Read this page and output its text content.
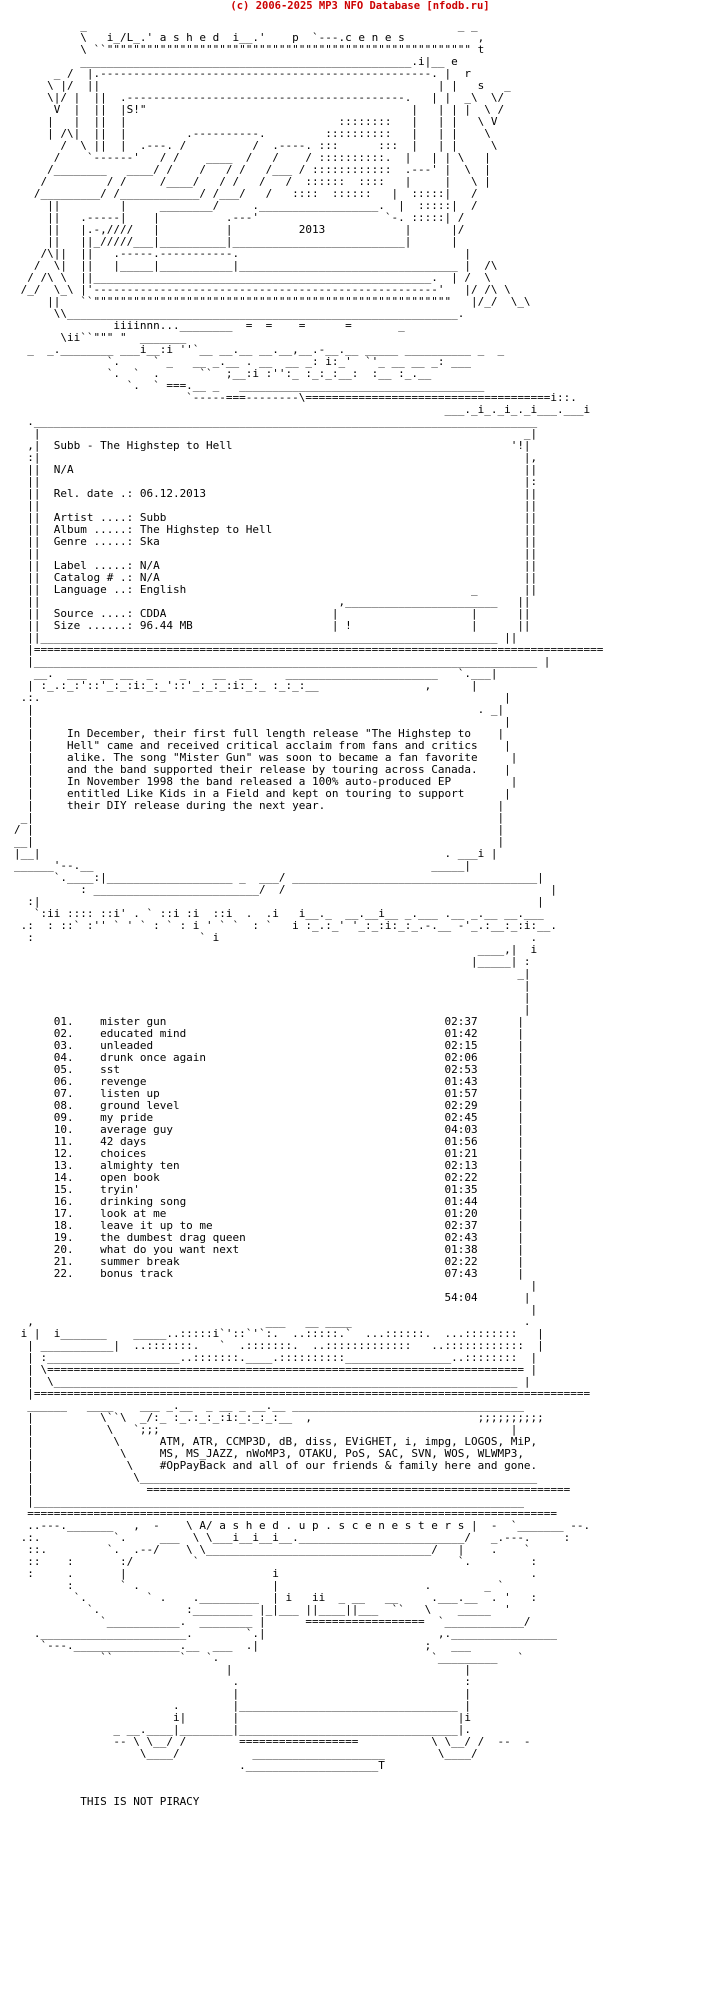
(c) 2006-2025 MP3 NFO Database [nfodb.ru]
_                                                        _ _
\   i_/L_.' a s h e d  i__.'    p  `---.c e n e s           ,
\ ``""""""""""""""""""""""""""""""""""""""""""""""""""""""" t
__________________________________________________.i|__ e
_ /  |.--------------------------------------------------. |  r
\ |/  ||                                                   | |   s   _
\|/ |  ||  .------------------------------------------.   | |  _\  \/
V  |  ||  |S!"                                        |   | | |  \ /
|   |  ||  |                                ::::::::   |   | |   \ V
| /\|  ||  |         .----------.         ::::::::::   |   | |    \
/  \ ||  |  .---. /          /  .----. :::      :::  |   | |     \
/    `------'   / /    ____  /   /    / ::::::::::.  |   | | \   |
/________   ____/ /    /   / /   /___ / ::::::::::::  .---' |  \  |
/         / /     /____/   / /   /   /  ::::::  ::::   |     |   \ |
/_________/ /____________/ /___/   /   ::::  ::::::   |  :::::|   /
||         |     ________/     .__________________.  |  :::::|  /
||   .-----|    |          .---'                   `-. :::::| /
||   |.-,////   |          |          2013            |      |/
||   ||_/////___|__________|__________________________|      |
/\||  ||   .-----.-----------.                                  |
/  \|  ||   |_____|___________|_________________________________ |  /\
/ /\ \  ||___________________________________________________.  | /  \
/_/  \_\ |'----------------------------------------------------'   |/ /\ \
||   ``""""""""""""""""""""""""""""""""""""""""""""""""""""""   |/_/  \_\
\\___________________________________________________________.
iiiinnn...________  =  =    =      =       _
\ii``""" "  _______
_  _.________ ___i__:i ''`__ __.__ __.__,__.-__.__ _____ __________ _  _
`.     ` _   __ _.__ . __  __ _: i:_'  `'_ __ __ _: ___
`.  `  .      ``  ;__:i :'':_ :_:_:__:  :__ :_.__
`.  ` ===.__ _   _____________________________________
`-----===--------\=====================================i::.
___._i_._i_._i___.___i
.____________________________________________________________________________
|                                                                         _|
,|  Subb - The Highstep to Hell                                          '!|
:|                                                                         |,
||  N/A                                                                    ||
||                                                                         |:
||  Rel. date .: 06.12.2013                                                ||
||                                                                         ||
||  Artist ....: Subb                                                      ||
||  Album .....: The Highstep to Hell                                      ||
||  Genre .....: Ska                                                       ||
||                                                                         ||
||  Label .....: N/A                                                       ||
||  Catalog # .: N/A                                                       ||
||  Language ..: English                                           _       ||
||                                             ,_______________________   ||
||  Source ....: CDDA                         |                    |      ||
||  Size ......: 96.44 MB                     | !                  |      ||
||_____________________________________________________________________ ||
|======================================================================================
|____________________________________________________________________________ |
__.  ___  __ __  _    _    __  __     _______________________   `.___|
| :_.:_:'::'_:_:i:_:_'::'_:_:_:i:_:_ :_:_:__                ,      |
.:.                                                                      |
|                                                                   . _|
|                                                                       |
|     In December, their first full length release "The Highstep to    |
|     Hell" came and received critical acclaim from fans and critics    |
|     alike. The song "Mister Gun" was soon to became a fan favorite     |
|     and the band supported their release by touring across Canada.    |
|     In November 1998 the band released a 100% auto-produced EP         |
|     entitled Like Kids in a Field and kept on touring to support      |
|     their DIY release during the next year.                          |
_|                                                                      |
/ |                                                                      |
__|                                                                      |
|__|                                                             . ___i |
______'--.__                                                   _____|
`.____:|___________________ _  ___/ _____________________________________|
: _________________________/  /                                        |
:|                                                                           |
`:ii :::: ::i' . ` ::i :i  ::i  .  .i   i__._  __.__i__ _.___ .__ _.__ __.___
.:  : ::` :'' ` ' ` : ` : i ' ` `  : `   i :_.:_' '_:_:i:_:_.-.__ -'_.:__:_:i:__.
:                         ` i                                               .
____,|  i
|_____| :
_|
|
|
|
01.    mister gun                                          02:37      |
02.    educated mind                                       01:42      |
03.    unleaded                                            02:15      |
04.    drunk once again                                    02:06      |
05.    sst                                                 02:53      |
06.    revenge                                             01:43      |
07.    listen up                                           01:57      |
08.    ground level                                        02:29      |
09.    my pride                                            02:45      |
10.    average guy                                         04:03      |
11.    42 days                                             01:56      |
12.    choices                                             01:21      |
13.    almighty ten                                        02:13      |
14.    open book                                           02:22      |
15.    tryin'                                              01:35      |
16.    drinking song                                       01:44      |
17.    look at me                                          01:20      |
18.    leave it up to me                                   02:37      |
19.    the dumbest drag queen                              02:43      |
20.    what do you want next                               01:38      |
21.    summer break                                        02:22      |
22.    bonus track                                         07:43      |
|
54:04       |
|
,                                   ___   __ ____                          .
i |  i_______    _____..:::::i`'::`'`:.  ..:::::.`  ...::::::.  ...::::::::   |
| ___________|  ..:::::::.   `  .:::::::.  ..:::::::::::::   ..::::::::::::  |
| :____________________..:::::::.____.::::::::::________________..::::::::  |
| \======================================================================== |
|  \______________________________________________________________________ |
|====================================================================================
______   ____    ___ _.__  _ __ _ __.__ ___________________________________
|          \``\  _/:_ :_.:_:_:i:_:_:_:__  ,                         ;;;;;;;;;;
|           \   `;;;                                                     |
|            \      ATM, ATR, CCMP3D, dB, diss, EViGHET, i, impg, LOGOS, MiP,
|             \     MS, MS_JAZZ, nWoMP3, OTAKU, PoS, SAC, SVN, WOS, WLWMP3,
|              \    #OpPayBack and all of our friends & family here and gone.
|               \____________________________________________________________
|                 ================================================================
|__________________________________________________________________________
================================================================================
..---._______   ,  -    \ A/ a s h e d . u p . s c e n e s t e r s |  -  `_______ --.
.:.           `.     ___  \ \___i__i__i__._________________________/   _.---.     :
::.         `.  .--/    \ \__________________________________/   |    .    `
::    :       :/         `                                       `.         :
:     .       |                      i                                      .
:       ` .                    |                      .        _ `
`.         ` .    ._________  | i   ii  _ __   __     .___.__  . '   :
`.             :_________ |_|___ ||____||___  ``   \    _____  '
`___________.  ________ |      ==================  `____________/
.______________________.        `.|                          ,.________________
`---.________________.__  ___  .|                         ;   ___
``          `   `.                                `_________   `
|                                   |
.                                  :
|                                  |
.        |_________________________________ |
i|       |                                 |i
_ __.____|________|_________________________________|.
-- \ \__/ /        ==================           \ \__/ /  --  -
\____/           ____________________        \____/
.____________________T

THIS IS NOT PIRACY
